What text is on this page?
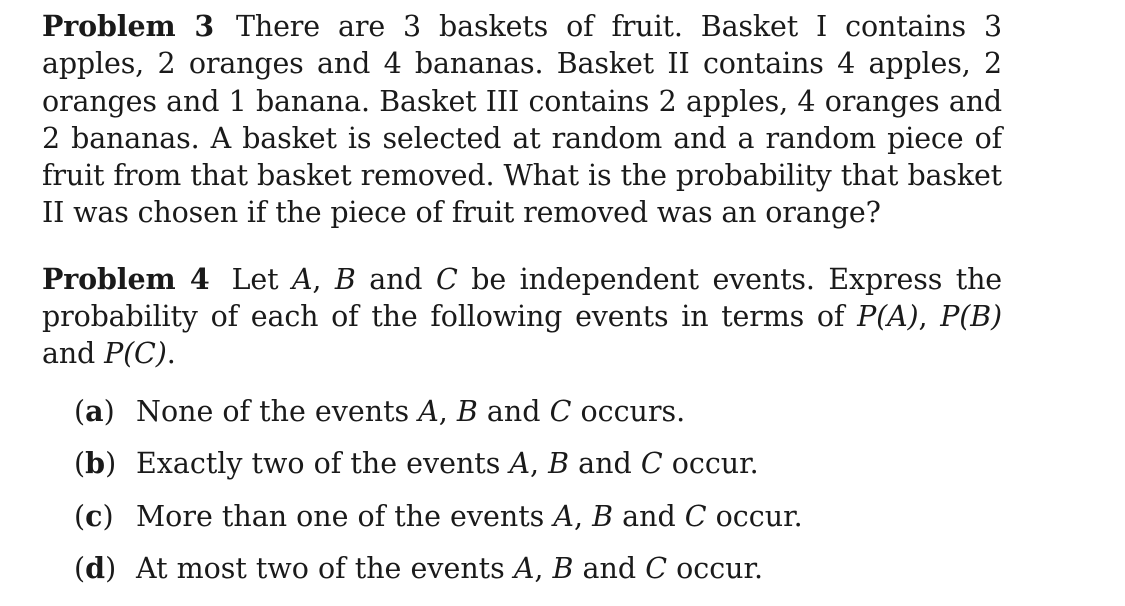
Problem 3 There are 3 baskets of fruit. Basket I contains 3 apples, 2 oranges and 4 bananas. Basket II contains 4 apples, 2 oranges and 1 banana. Basket III contains 2 apples, 4 oranges and 2 bananas. A basket is selected at random and a random piece of fruit from that basket removed. What is the probability that basket II was chosen if the piece of fruit removed was an orange?

Problem 4 Let A, B and C be independent events. Express the probability of each of the following events in terms of P(A), P(B) and P(C).

(a) None of the events A, B and C occurs.
(b) Exactly two of the events A, B and C occur.
(c) More than one of the events A, B and C occur.
(d) At most two of the events A, B and C occur.
